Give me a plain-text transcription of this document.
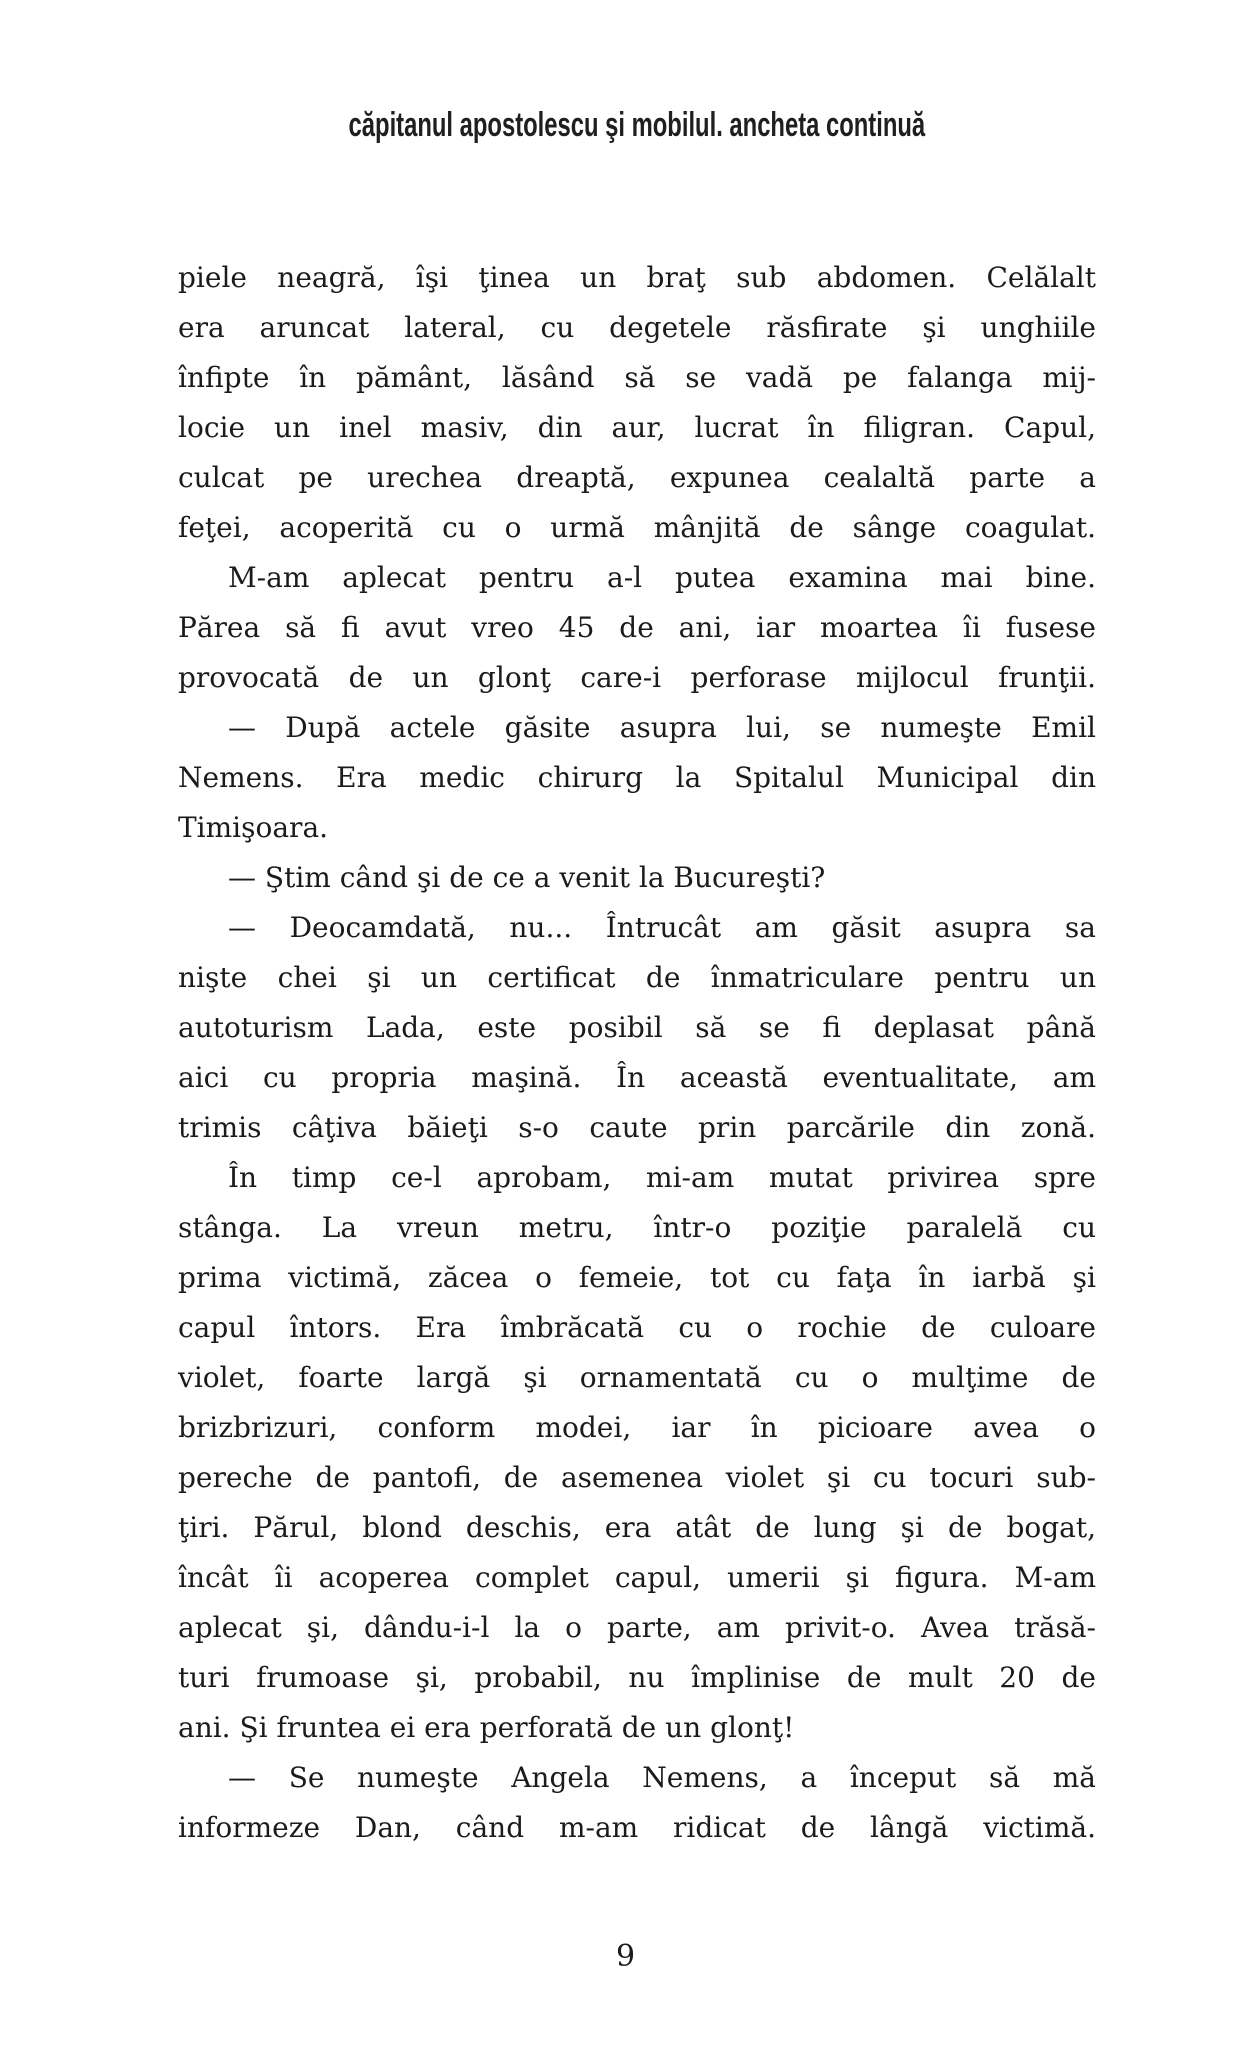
căpitanul apostolescu şi mobilul. ancheta continuă
piele neagră, îşi ţinea un braţ sub abdomen. Celălalt
era aruncat lateral, cu degetele răsfirate şi unghiile
înfipte în pământ, lăsând să se vadă pe falanga mij-
locie un inel masiv, din aur, lucrat în filigran. Capul,
culcat pe urechea dreaptă, expunea cealaltă parte a
feţei, acoperită cu o urmă mânjită de sânge coagulat.
M-am aplecat pentru a-l putea examina mai bine.
Părea să fi avut vreo 45 de ani, iar moartea îi fusese
provocată de un glonţ care-i perforase mijlocul frunţii.
— După actele găsite asupra lui, se numeşte Emil
Nemens. Era medic chirurg la Spitalul Municipal din
Timişoara.
— Ştim când şi de ce a venit la Bucureşti?
— Deocamdată, nu... Întrucât am găsit asupra sa
nişte chei şi un certificat de înmatriculare pentru un
autoturism Lada, este posibil să se fi deplasat până
aici cu propria maşină. În această eventualitate, am
trimis câţiva băieţi s-o caute prin parcările din zonă.
În timp ce-l aprobam, mi-am mutat privirea spre
stânga. La vreun metru, într-o poziţie paralelă cu
prima victimă, zăcea o femeie, tot cu faţa în iarbă şi
capul întors. Era îmbrăcată cu o rochie de culoare
violet, foarte largă şi ornamentată cu o mulţime de
brizbrizuri, conform modei, iar în picioare avea o
pereche de pantofi, de asemenea violet şi cu tocuri sub-
ţiri. Părul, blond deschis, era atât de lung şi de bogat,
încât îi acoperea complet capul, umerii şi figura. M-am
aplecat şi, dându-i-l la o parte, am privit-o. Avea trăsă-
turi frumoase şi, probabil, nu împlinise de mult 20 de
ani. Şi fruntea ei era perforată de un glonţ!
— Se numeşte Angela Nemens, a început să mă
informeze Dan, când m-am ridicat de lângă victimă.
9
